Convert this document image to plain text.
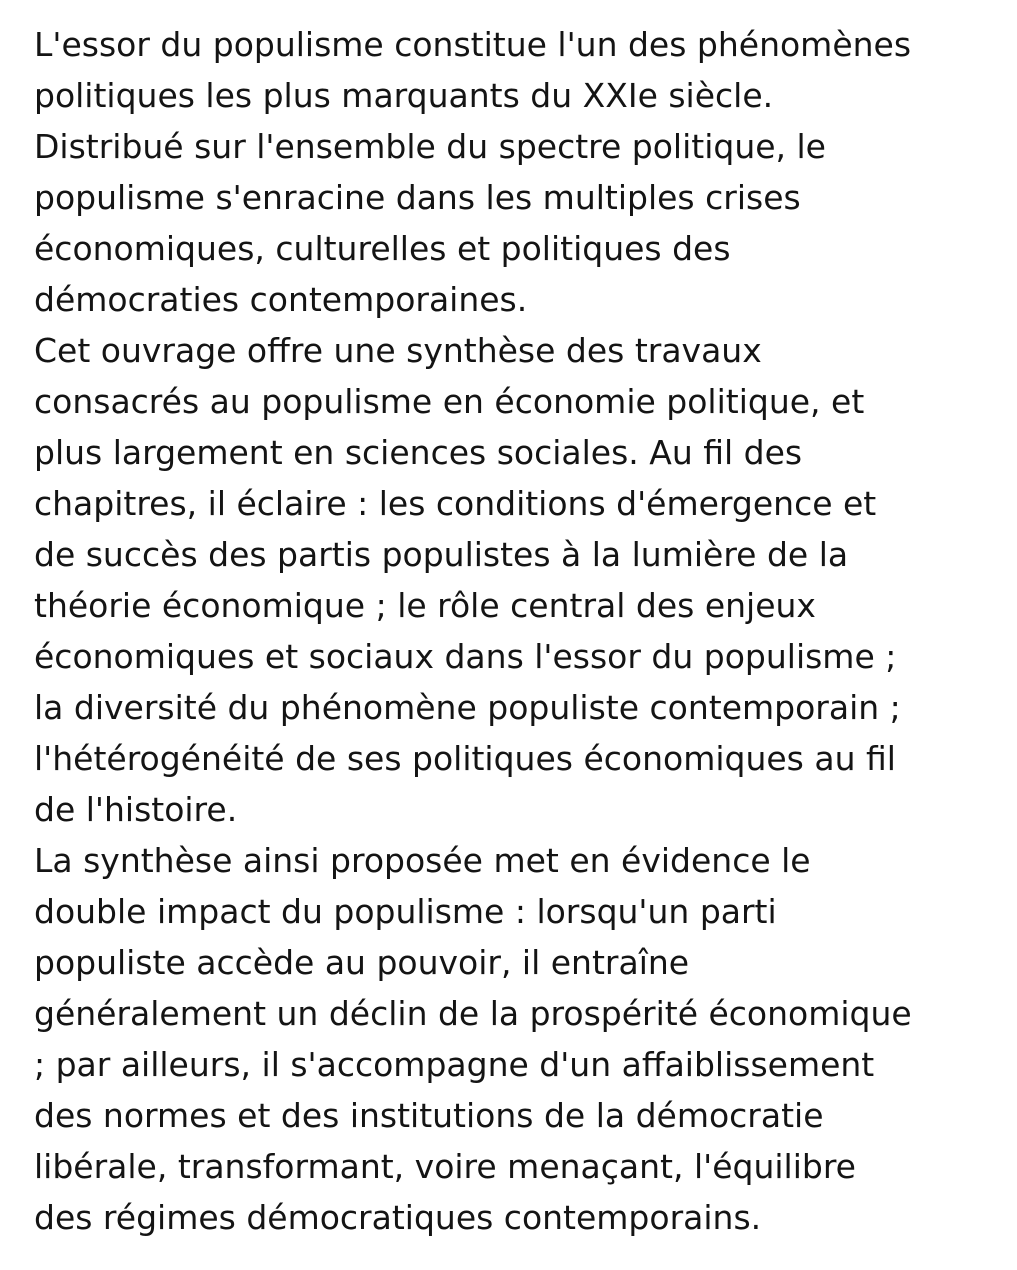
L'essor du populisme constitue l'un des phénomènes
politiques les plus marquants du XXIe siècle.
Distribué sur l'ensemble du spectre politique, le
populisme s'enracine dans les multiples crises
économiques, culturelles et politiques des
démocraties contemporaines.

Cet ouvrage offre une synthèse des travaux
consacrés au populisme en économie politique, et
plus largement en sciences sociales. Au fil des
chapitres, il éclaire : les conditions d'émergence et
de succès des partis populistes à la lumière de la
théorie économique ; le rôle central des enjeux
économiques et sociaux dans l'essor du populisme ;
la diversité du phénomène populiste contemporain ;
l'hétérogénéité de ses politiques économiques au fil
de l'histoire.

La synthèse ainsi proposée met en évidence le
double impact du populisme : lorsqu'un parti
populiste accède au pouvoir, il entraîne
généralement un déclin de la prospérité économique
; par ailleurs, il s'accompagne d'un affaiblissement
des normes et des institutions de la démocratie
libérale, transformant, voire menaçant, l'équilibre
des régimes démocratiques contemporains.
